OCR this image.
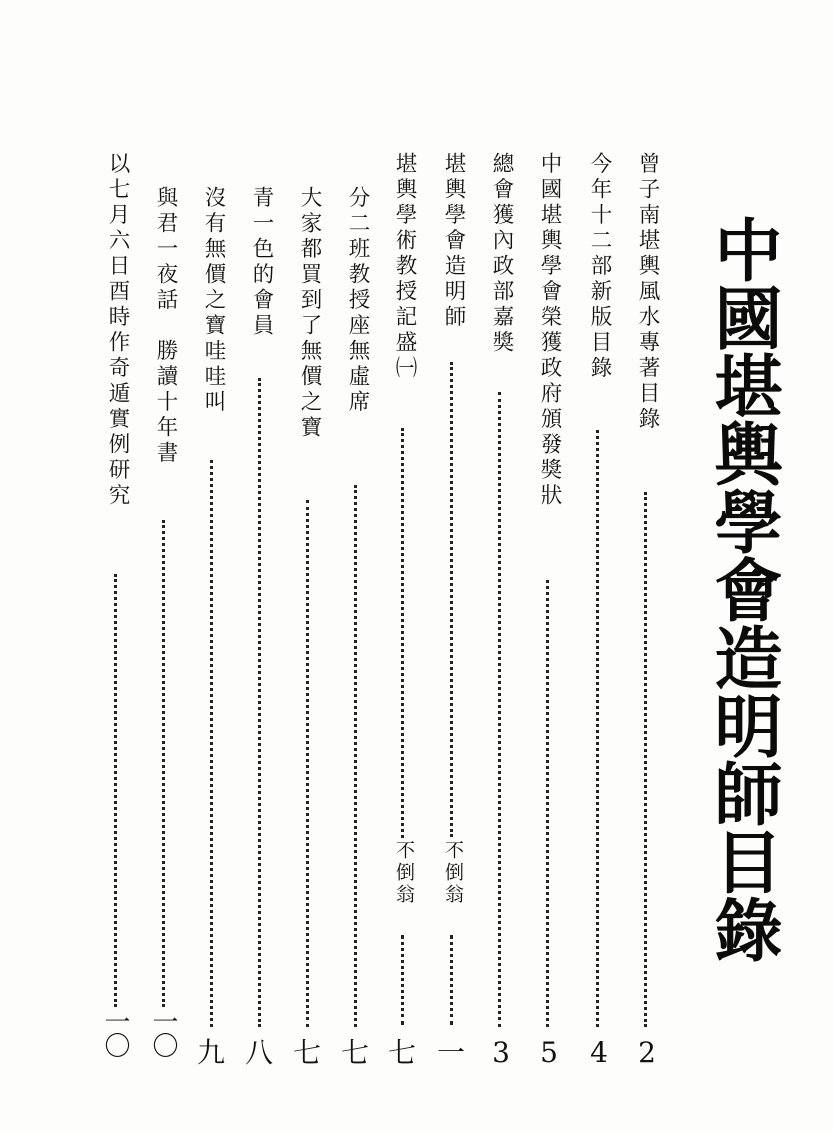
中國堪輿學會造明師目錄
曾子南堪輿風水專著目錄
2
今年十二部新版目錄
4
中國堪輿學會榮獲政府頒發獎狀
5
總會獲內政部嘉獎
3
堪輿學會造明師
不倒翁
一
堪輿學術教授記盛㈠
不倒翁
七
分二班教授座無虛席
七
大家都買到了無價之寶
七
青一色的會員
八
沒有無價之寶哇哇叫
九
與君一夜話　勝讀十年書
一〇
以七月六日酉時作奇遁實例研究
一〇
